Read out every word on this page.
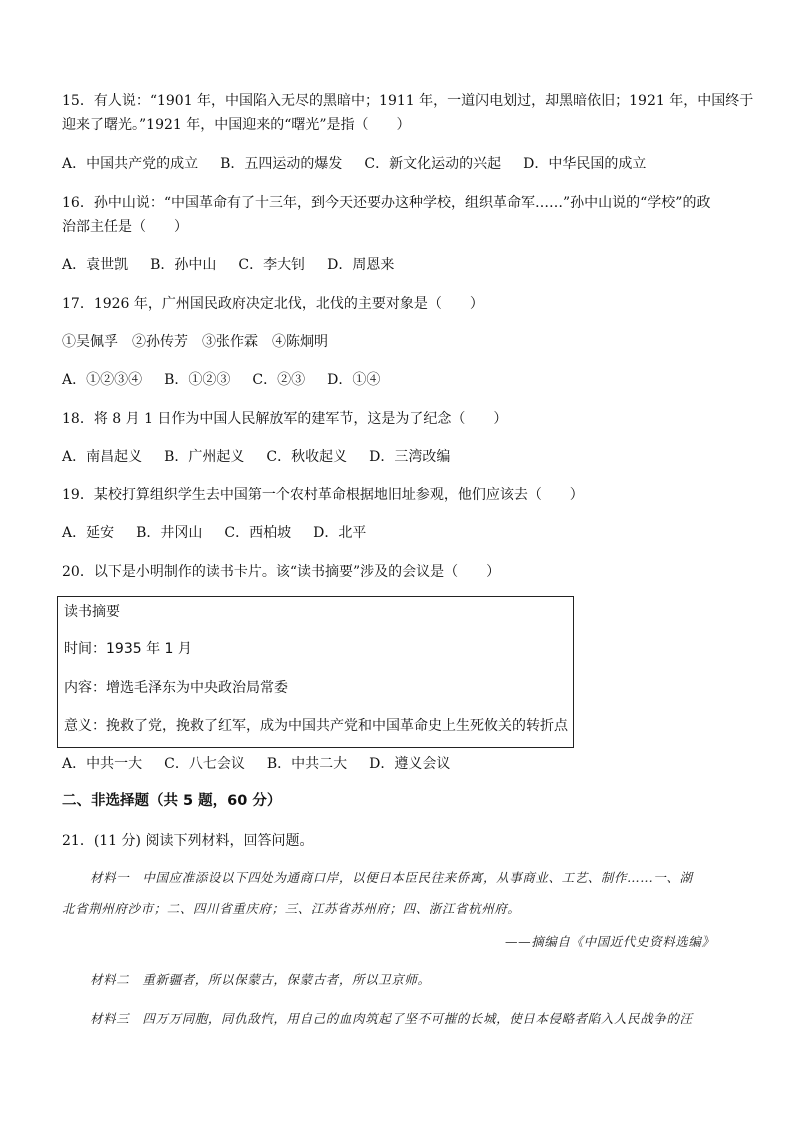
15．有人说：“1901 年，中国陷入无尽的黑暗中；1911 年，一道闪电划过，却黑暗依旧；1921 年，中国终于
迎来了曙光。”1921 年，中国迎来的“曙光”是指（　　）
A．中国共产党的成立 B．五四运动的爆发 C．新文化运动的兴起 D．中华民国的成立
16．孙中山说：“中国革命有了十三年，到今天还要办这种学校，组织革命军……”孙中山说的“学校”的政
治部主任是（　　）
A．袁世凯 B．孙中山 C．李大钊 D．周恩来
17．1926 年，广州国民政府决定北伐，北伐的主要对象是（　　）
①吴佩孚　②孙传芳　③张作霖　④陈炯明
A．①②③④ B．①②③ C．②③ D．①④
18．将 8 月 1 日作为中国人民解放军的建军节，这是为了纪念（　　）
A．南昌起义 B．广州起义 C．秋收起义 D．三湾改编
19．某校打算组织学生去中国第一个农村革命根据地旧址参观，他们应该去（　　）
A．延安 B．井冈山 C．西柏坡 D．北平
20．以下是小明制作的读书卡片。该“读书摘要”涉及的会议是（　　）
读书摘要
时间：1935 年 1 月
内容：增选毛泽东为中央政治局常委
意义：挽救了党，挽救了红军，成为中国共产党和中国革命史上生死攸关的转折点
A．中共一大 C．八七会议 B．中共二大 D．遵义会议
二、非选择题（共 5 题，60 分）
21．(11 分) 阅读下列材料，回答问题。
材料一　中国应准添设以下四处为通商口岸，以便日本臣民往来侨寓，从事商业、工艺、制作……一、湖
北省荆州府沙市；二、四川省重庆府；三、江苏省苏州府；四、浙江省杭州府。
——摘编自《中国近代史资料选编》
材料二　重新疆者，所以保蒙古，保蒙古者，所以卫京师。
材料三　四万万同胞，同仇敌忾，用自己的血肉筑起了坚不可摧的长城，使日本侵略者陷入人民战争的汪
